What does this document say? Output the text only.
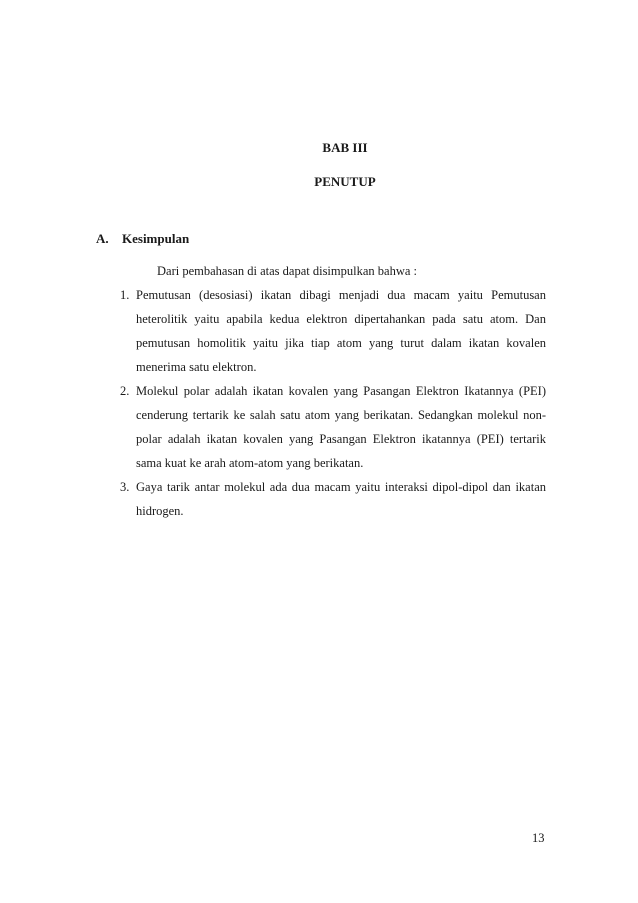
BAB III
PENUTUP
A. Kesimpulan
Dari pembahasan di atas dapat disimpulkan bahwa :
1. Pemutusan (desosiasi) ikatan dibagi menjadi dua macam yaitu Pemutusan heterolitik yaitu apabila kedua elektron dipertahankan pada satu atom. Dan pemutusan homolitik yaitu jika tiap atom yang turut dalam ikatan kovalen menerima satu elektron.
2. Molekul polar adalah ikatan kovalen yang Pasangan Elektron Ikatannya (PEI) cenderung tertarik ke salah satu atom yang berikatan. Sedangkan molekul non-polar adalah ikatan kovalen yang Pasangan Elektron ikatannya (PEI) tertarik sama kuat ke arah atom-atom yang berikatan.
3. Gaya tarik antar molekul ada dua macam yaitu interaksi dipol-dipol dan ikatan hidrogen.
13
